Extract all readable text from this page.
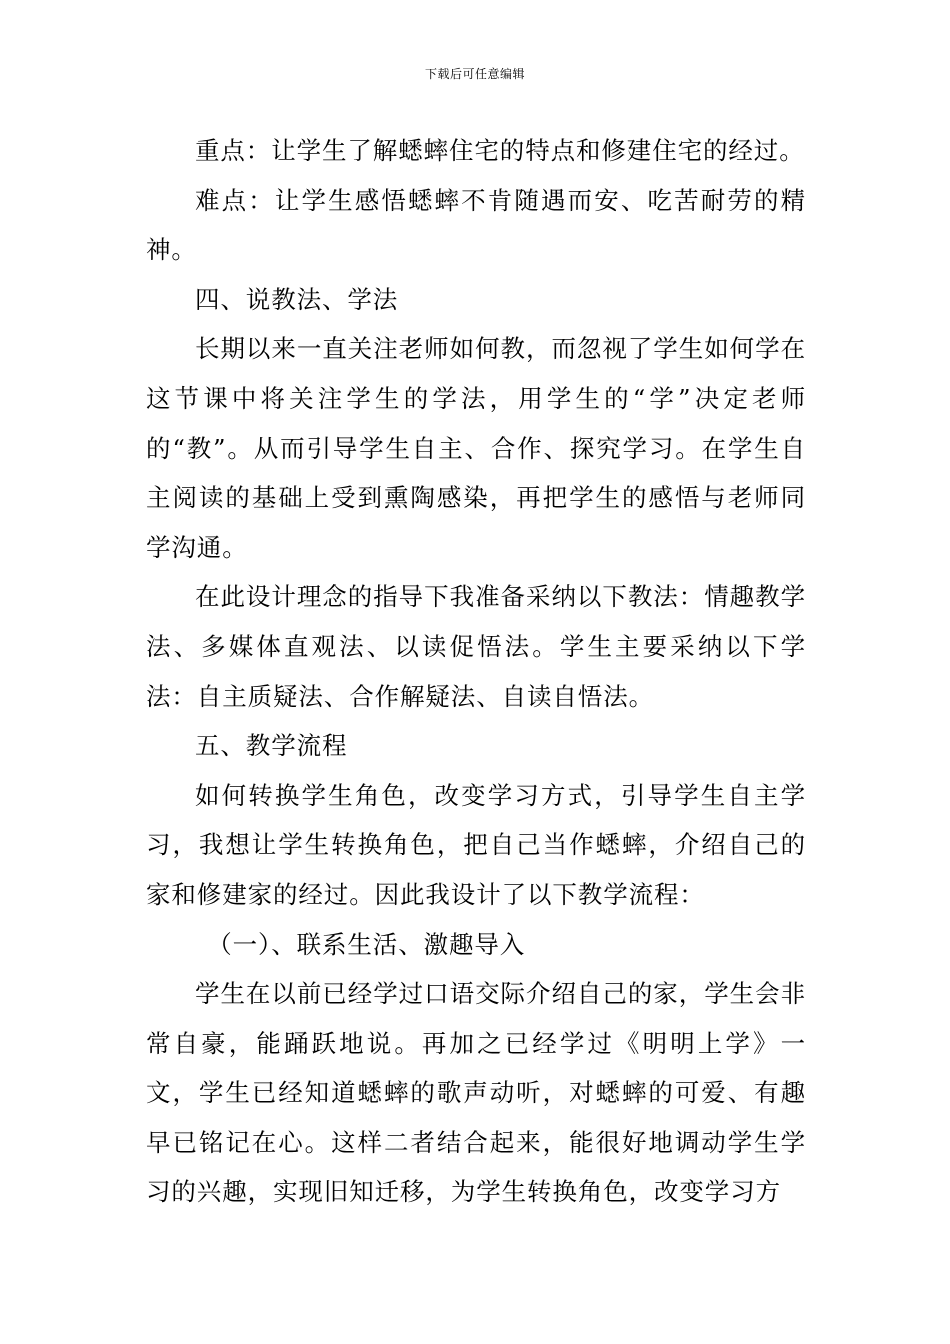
下载后可任意编辑

重点：让学生了解蟋蟀住宅的特点和修建住宅的经过。

难点：让学生感悟蟋蟀不肯随遇而安、吃苦耐劳的精神。

四、说教法、学法

长期以来一直关注老师如何教，而忽视了学生如何学在这节课中将关注学生的学法，用学生的“学”决定老师的“教”。从而引导学生自主、合作、探究学习。在学生自主阅读的基础上受到熏陶感染，再把学生的感悟与老师同学沟通。

在此设计理念的指导下我准备采纳以下教法：情趣教学法、多媒体直观法、以读促悟法。学生主要采纳以下学法：自主质疑法、合作解疑法、自读自悟法。

五、教学流程

如何转换学生角色，改变学习方式，引导学生自主学习，我想让学生转换角色，把自己当作蟋蟀，介绍自己的家和修建家的经过。因此我设计了以下教学流程：

（一）、联系生活、激趣导入

学生在以前已经学过口语交际介绍自己的家，学生会非常自豪，能踊跃地说。再加之已经学过《明明上学》一文，学生已经知道蟋蟀的歌声动听，对蟋蟀的可爱、有趣早已铭记在心。这样二者结合起来，能很好地调动学生学习的兴趣，实现旧知迁移，为学生转换角色，改变学习方
